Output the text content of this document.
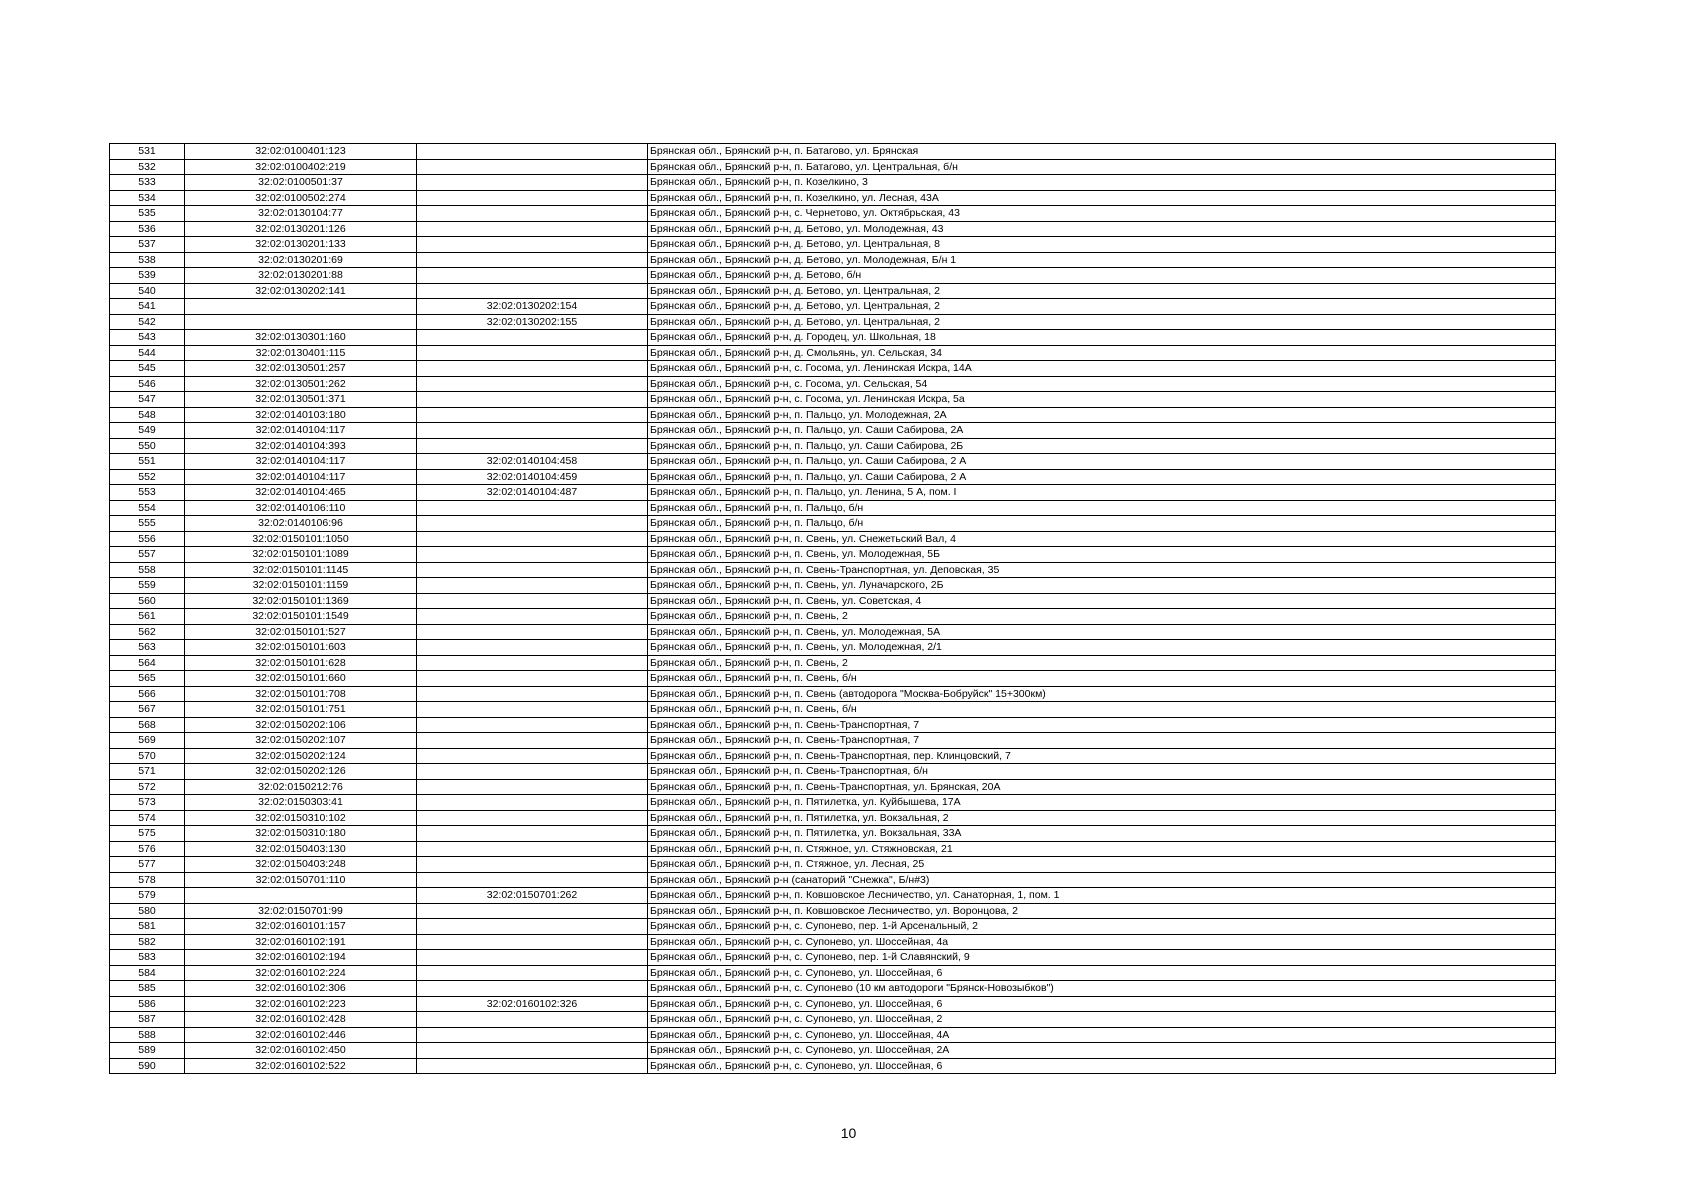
531	32:02:0100401:123		Брянская обл., Брянский р-н, п. Батагово, ул. Брянская
532	32:02:0100402:219		Брянская обл., Брянский р-н, п. Батагово, ул. Центральная, б/н
533	32:02:0100501:37		Брянская обл., Брянский р-н, п. Козелкино, 3
534	32:02:0100502:274		Брянская обл., Брянский р-н, п. Козелкино, ул. Лесная, 43А
535	32:02:0130104:77		Брянская обл., Брянский р-н, с. Чернетово, ул. Октябрьская, 43
536	32:02:0130201:126		Брянская обл., Брянский р-н, д. Бетово, ул. Молодежная, 43
537	32:02:0130201:133		Брянская обл., Брянский р-н, д. Бетово, ул. Центральная, 8
538	32:02:0130201:69		Брянская обл., Брянский р-н, д. Бетово, ул. Молодежная, Б/н 1
539	32:02:0130201:88		Брянская обл., Брянский р-н, д. Бетово, б/н
540	32:02:0130202:141		Брянская обл., Брянский р-н, д. Бетово, ул. Центральная, 2
541		32:02:0130202:154	Брянская обл., Брянский р-н, д. Бетово, ул. Центральная, 2
542		32:02:0130202:155	Брянская обл., Брянский р-н, д. Бетово, ул. Центральная, 2
543	32:02:0130301:160		Брянская обл., Брянский р-н, д. Городец, ул. Школьная, 18
544	32:02:0130401:115		Брянская обл., Брянский р-н, д. Смольянь, ул. Сельская, 34
545	32:02:0130501:257		Брянская обл., Брянский р-н, с. Госома, ул. Ленинская Искра, 14А
546	32:02:0130501:262		Брянская обл., Брянский р-н, с. Госома, ул. Сельская, 54
547	32:02:0130501:371		Брянская обл., Брянский р-н, с. Госома, ул. Ленинская Искра, 5а
548	32:02:0140103:180		Брянская обл., Брянский р-н, п. Пальцо, ул. Молодежная, 2А
549	32:02:0140104:117		Брянская обл., Брянский р-н, п. Пальцо, ул. Саши Сабирова, 2А
550	32:02:0140104:393		Брянская обл., Брянский р-н, п. Пальцо, ул. Саши Сабирова, 2Б
551	32:02:0140104:117	32:02:0140104:458	Брянская обл., Брянский р-н, п. Пальцо, ул. Саши Сабирова, 2 А
552	32:02:0140104:117	32:02:0140104:459	Брянская обл., Брянский р-н, п. Пальцо, ул. Саши Сабирова, 2 А
553	32:02:0140104:465	32:02:0140104:487	Брянская обл., Брянский р-н, п. Пальцо, ул. Ленина, 5 А, пом. I
554	32:02:0140106:110		Брянская обл., Брянский р-н, п. Пальцо, б/н
555	32:02:0140106:96		Брянская обл., Брянский р-н, п. Пальцо, б/н
556	32:02:0150101:1050		Брянская обл., Брянский р-н, п. Свень, ул. Снежетьский Вал, 4
557	32:02:0150101:1089		Брянская обл., Брянский р-н, п. Свень, ул. Молодежная, 5Б
558	32:02:0150101:1145		Брянская обл., Брянский р-н, п. Свень-Транспортная, ул. Деповская, 35
559	32:02:0150101:1159		Брянская обл., Брянский р-н, п. Свень, ул. Луначарского, 2Б
560	32:02:0150101:1369		Брянская обл., Брянский р-н, п. Свень, ул. Советская, 4
561	32:02:0150101:1549		Брянская обл., Брянский р-н, п. Свень, 2
562	32:02:0150101:527		Брянская обл., Брянский р-н, п. Свень, ул. Молодежная, 5А
563	32:02:0150101:603		Брянская обл., Брянский р-н, п. Свень, ул. Молодежная, 2/1
564	32:02:0150101:628		Брянская обл., Брянский р-н, п. Свень, 2
565	32:02:0150101:660		Брянская обл., Брянский р-н, п. Свень, б/н
566	32:02:0150101:708		Брянская обл., Брянский р-н, п. Свень (автодорога "Москва-Бобруйск" 15+300км)
567	32:02:0150101:751		Брянская обл., Брянский р-н, п. Свень, б/н
568	32:02:0150202:106		Брянская обл., Брянский р-н, п. Свень-Транспортная, 7
569	32:02:0150202:107		Брянская обл., Брянский р-н, п. Свень-Транспортная, 7
570	32:02:0150202:124		Брянская обл., Брянский р-н, п. Свень-Транспортная, пер. Клинцовский, 7
571	32:02:0150202:126		Брянская обл., Брянский р-н, п. Свень-Транспортная, б/н
572	32:02:0150212:76		Брянская обл., Брянский р-н, п. Свень-Транспортная, ул. Брянская, 20А
573	32:02:0150303:41		Брянская обл., Брянский р-н, п. Пятилетка, ул. Куйбышева, 17А
574	32:02:0150310:102		Брянская обл., Брянский р-н, п. Пятилетка, ул. Вокзальная, 2
575	32:02:0150310:180		Брянская обл., Брянский р-н, п. Пятилетка, ул. Вокзальная, 33А
576	32:02:0150403:130		Брянская обл., Брянский р-н, п. Стяжное, ул. Стяжновская, 21
577	32:02:0150403:248		Брянская обл., Брянский р-н, п. Стяжное, ул. Лесная, 25
578	32:02:0150701:110		Брянская обл., Брянский р-н (санаторий "Снежка", Б/н#3)
579		32:02:0150701:262	Брянская обл., Брянский р-н, п. Ковшовское Лесничество, ул. Санаторная, 1, пом. 1
580	32:02:0150701:99		Брянская обл., Брянский р-н, п. Ковшовское Лесничество, ул. Воронцова, 2
581	32:02:0160101:157		Брянская обл., Брянский р-н, с. Супонево, пер. 1-й Арсенальный, 2
582	32:02:0160102:191		Брянская обл., Брянский р-н, с. Супонево, ул. Шоссейная, 4а
583	32:02:0160102:194		Брянская обл., Брянский р-н, с. Супонево, пер. 1-й Славянский, 9
584	32:02:0160102:224		Брянская обл., Брянский р-н, с. Супонево, ул. Шоссейная, 6
585	32:02:0160102:306		Брянская обл., Брянский р-н, с. Супонево (10 км автодороги "Брянск-Новозыбков")
586	32:02:0160102:223	32:02:0160102:326	Брянская обл., Брянский р-н, с. Супонево, ул. Шоссейная, 6
587	32:02:0160102:428		Брянская обл., Брянский р-н, с. Супонево, ул. Шоссейная, 2
588	32:02:0160102:446		Брянская обл., Брянский р-н, с. Супонево, ул. Шоссейная, 4А
589	32:02:0160102:450		Брянская обл., Брянский р-н, с. Супонево, ул. Шоссейная, 2А
590	32:02:0160102:522		Брянская обл., Брянский р-н, с. Супонево, ул. Шоссейная, 6
10
